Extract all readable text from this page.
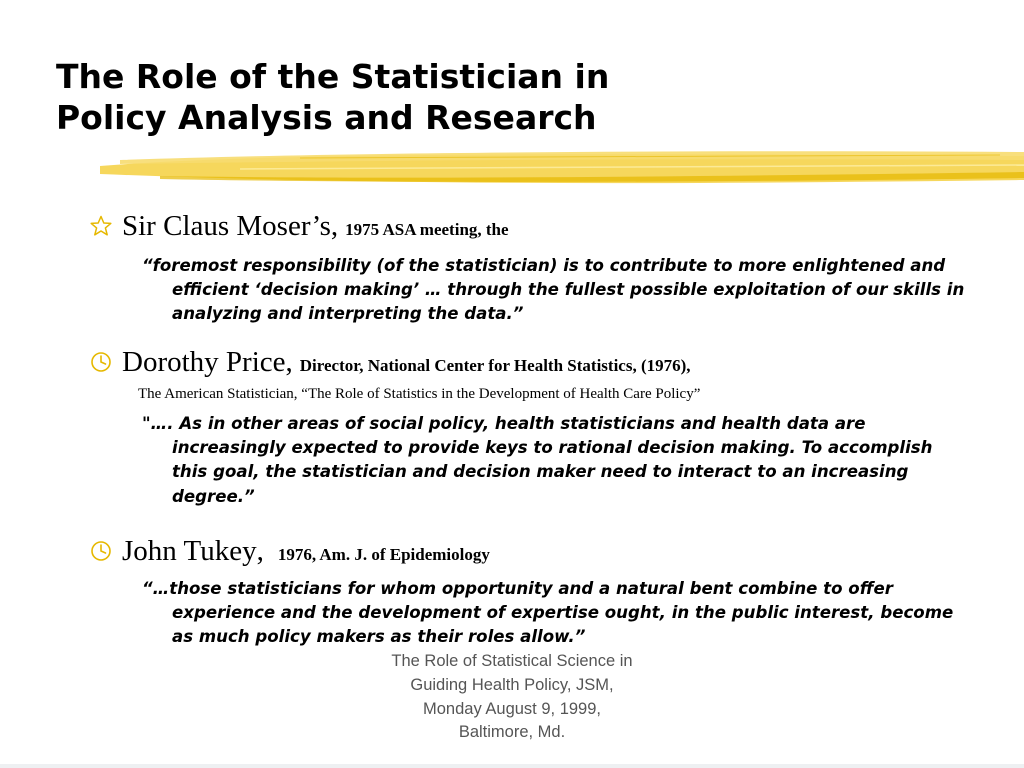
The Role of the Statistician in
Policy Analysis and Research
Sir Claus Moser’s, 1975 ASA meeting, the

“foremost responsibility (of the statistician) is to contribute to more enlightened and efficient ‘decision making’ … through the fullest possible exploitation of our skills in analyzing and interpreting the data.”

Dorothy Price , Director, National Center for Health Statistics, (1976),
The American Statistician, “The Role of Statistics in the Development of Health Care Policy”

"…. As in other areas of social policy, health statisticians and health data are increasingly expected to provide keys to rational decision making. To accomplish this goal, the statistician and decision maker need to interact to an increasing degree.”

John Tukey , 1976, Am. J. of Epidemiology

“…those statisticians for whom opportunity and a natural bent combine to offer experience and the development of expertise ought, in the public interest, become as much policy makers as their roles allow.”

The Role of Statistical Science in
Guiding Health Policy, JSM,
Monday August 9, 1999,
Baltimore, Md.
